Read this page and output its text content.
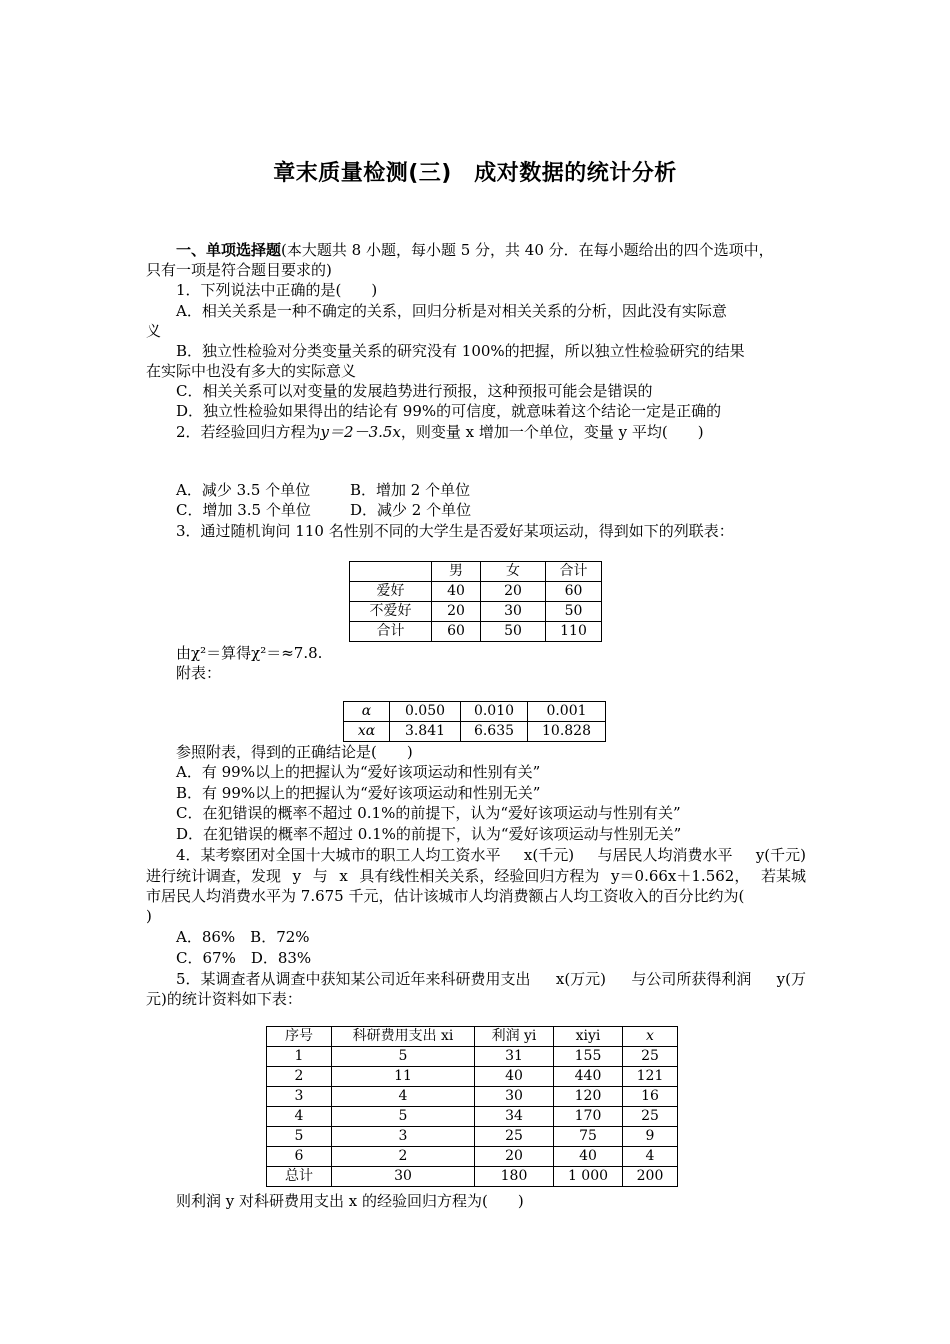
章末质量检测(三)　成对数据的统计分析
一、单项选择题(本大题共 8 小题，每小题 5 分，共 40 分．在每小题给出的四个选项中，
只有一项是符合题目要求的)
1．下列说法中正确的是(　　)
A．相关关系是一种不确定的关系，回归分析是对相关关系的分析，因此没有实际意
义
B．独立性检验对分类变量关系的研究没有 100%的把握，所以独立性检验研究的结果
在实际中也没有多大的实际意义
C．相关关系可以对变量的发展趋势进行预报，这种预报可能会是错误的
D．独立性检验如果得出的结论有 99%的可信度，就意味着这个结论一定是正确的
2．若经验回归方程为y＝2－3.5x，则变量 x 增加一个单位，变量 y 平均(　　)
A．减少 3.5 个单位	B．增加 2 个单位
C．增加 3.5 个单位	D．减少 2 个单位
3．通过随机询问 110 名性别不同的大学生是否爱好某项运动，得到如下的列联表：
	男	女	合计
爱好	40	20	60
不爱好	20	30	50
合计	60	50	110
由χ²＝算得χ²＝≈7.8.
附表：
α	0.050	0.010	0.001
xα	3.841	6.635	10.828
参照附表，得到的正确结论是(　　)
A．有 99%以上的把握认为“爱好该项运动和性别有关”
B．有 99%以上的把握认为“爱好该项运动和性别无关”
C．在犯错误的概率不超过 0.1%的前提下，认为“爱好该项运动与性别有关”
D．在犯错误的概率不超过 0.1%的前提下，认为“爱好该项运动与性别无关”
4．某考察团对全国十大城市的职工人均工资水平 x(千元) 与居民人均消费水平 y(千元)
进行统计调查，发现 y 与 x 具有线性相关关系，经验回归方程为 y＝0.66x＋1.562， 若某城
市居民人均消费水平为 7.675 千元，估计该城市人均消费额占人均工资收入的百分比约为(
)
A．86%　B．72%
C．67%　D．83%
5．某调查者从调查中获知某公司近年来科研费用支出 x(万元) 与公司所获得利润 y(万
元)的统计资料如下表：
序号	科研费用支出 xi	利润 yi	xiyi	x
1	5	31	155	25
2	11	40	440	121
3	4	30	120	16
4	5	34	170	25
5	3	25	75	9
6	2	20	40	4
总计	30	180	1 000	200
则利润 y 对科研费用支出 x 的经验回归方程为(　　)
